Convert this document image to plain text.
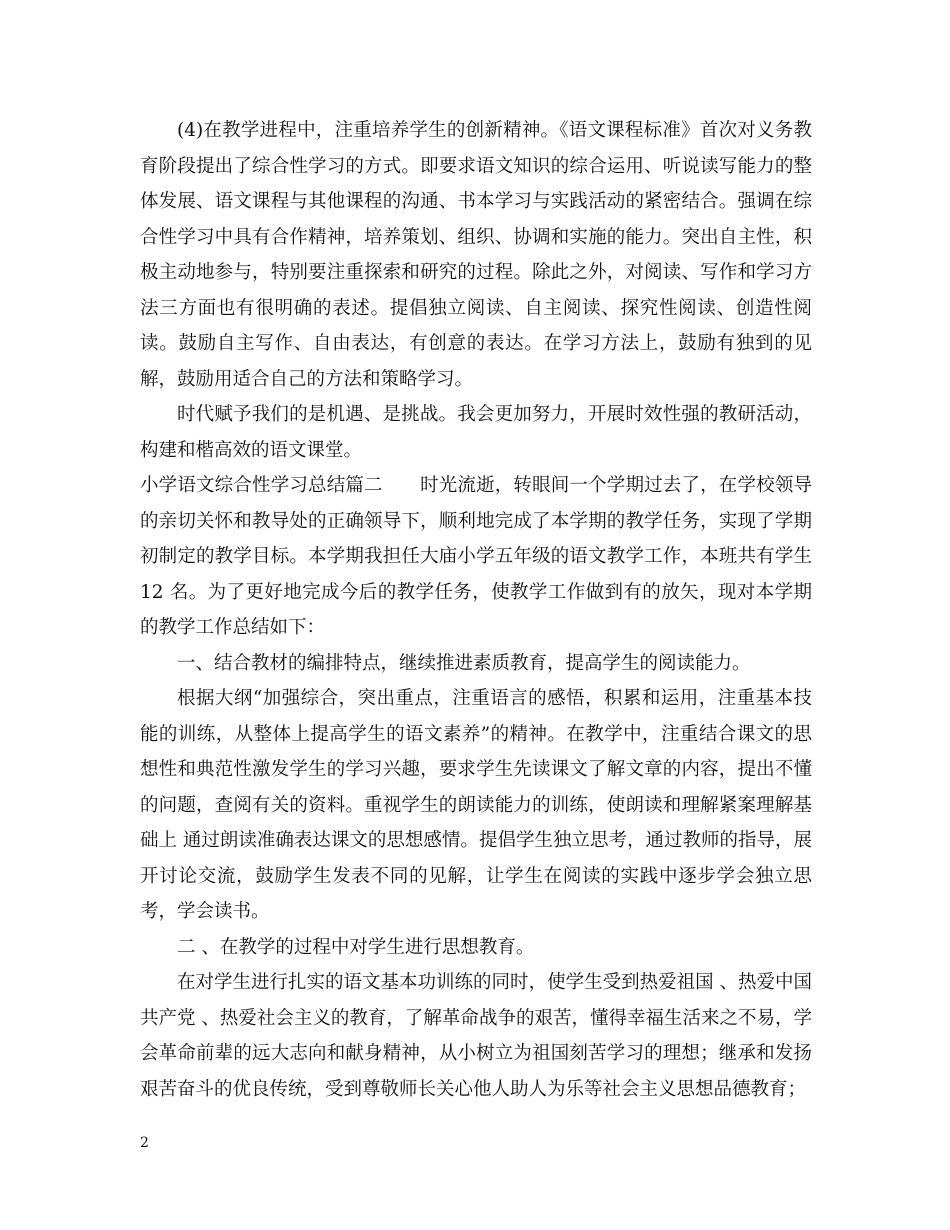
(4)在教学进程中，注重培养学生的创新精神。《语文课程标准》首次对义务教育阶段提出了综合性学习的方式。即要求语文知识的综合运用、听说读写能力的整体发展、语文课程与其他课程的沟通、书本学习与实践活动的紧密结合。强调在综合性学习中具有合作精神，培养策划、组织、协调和实施的能力。突出自主性，积极主动地参与，特别要注重探索和研究的过程。除此之外，对阅读、写作和学习方法三方面也有很明确的表述。提倡独立阅读、自主阅读、探究性阅读、创造性阅读。鼓励自主写作、自由表达，有创意的表达。在学习方法上，鼓励有独到的见解，鼓励用适合自己的方法和策略学习。

时代赋予我们的是机遇、是挑战。我会更加努力，开展时效性强的教研活动，构建和楷高效的语文课堂。

小学语文综合性学习总结篇二　　时光流逝，转眼间一个学期过去了，在学校领导的亲切关怀和教导处的正确领导下，顺利地完成了本学期的教学任务，实现了学期初制定的教学目标。本学期我担任大庙小学五年级的语文教学工作，本班共有学生 12 名。为了更好地完成今后的教学任务，使教学工作做到有的放矢，现对本学期的教学工作总结如下：

一、结合教材的编排特点，继续推进素质教育，提高学生的阅读能力。

根据大纲“加强综合，突出重点，注重语言的感悟，积累和运用，注重基本技能的训练，从整体上提高学生的语文素养”的精神。在教学中，注重结合课文的思想性和典范性激发学生的学习兴趣，要求学生先读课文了解文章的内容，提出不懂的问题，查阅有关的资料。重视学生的朗读能力的训练，使朗读和理解紧案理解基础上 通过朗读准确表达课文的思想感情。提倡学生独立思考，通过教师的指导，展开讨论交流，鼓励学生发表不同的见解，让学生在阅读的实践中逐步学会独立思考，学会读书。

二 、在教学的过程中对学生进行思想教育。

在对学生进行扎实的语文基本功训练的同时，使学生受到热爱祖国 、热爱中国共产党 、热爱社会主义的教育，了解革命战争的艰苦，懂得幸福生活来之不易，学会革命前辈的远大志向和献身精神，从小树立为祖国刻苦学习的理想；继承和发扬艰苦奋斗的优良传统，受到尊敬师长关心他人助人为乐等社会主义思想品德教育；

2
